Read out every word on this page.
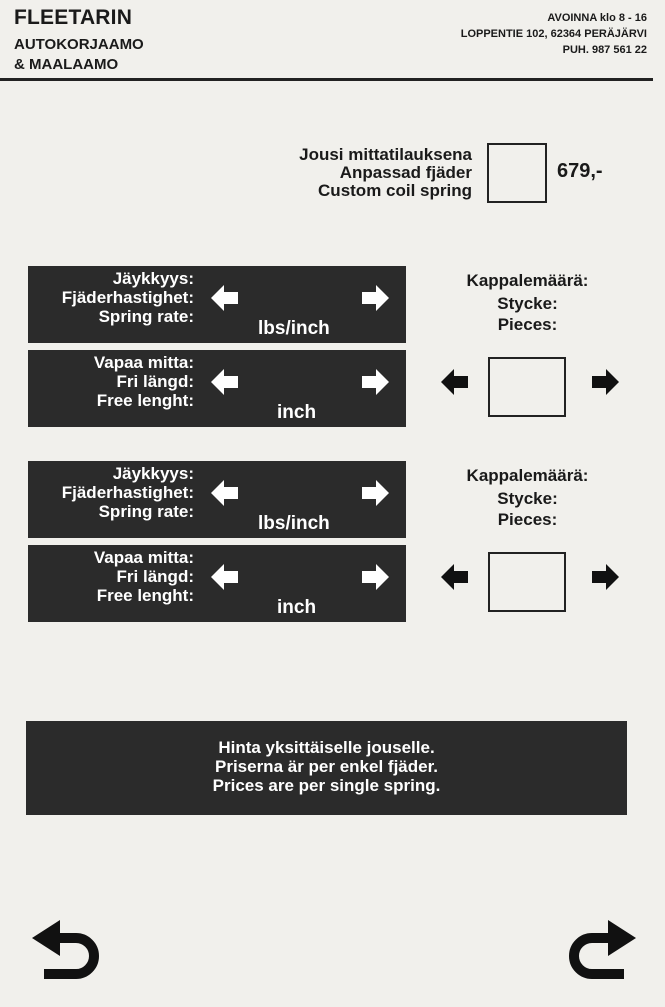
FLEETARIN
AUTOKORJAAMO
& MAALAAMO
AVOINNA klo 8 - 16
LOPPENTIE 102, 62364 PERÄJÄRVI
PUH. 987 561 22
Jousi mittatilauksena
Anpassad fjäder
Custom coil spring
679,-
Jäykkyys:
Fjäderhastighet:
Spring rate:
lbs/inch
Vapaa mitta:
Fri längd:
Free lenght:
inch
Kappalemäärä:
Stycke:
Pieces:
Jäykkyys:
Fjäderhastighet:
Spring rate:
lbs/inch
Vapaa mitta:
Fri längd:
Free lenght:
inch
Kappalemäärä:
Stycke:
Pieces:
Hinta yksittäiselle jouselle.
Priserna är per enkel fjäder.
Prices are per single spring.
